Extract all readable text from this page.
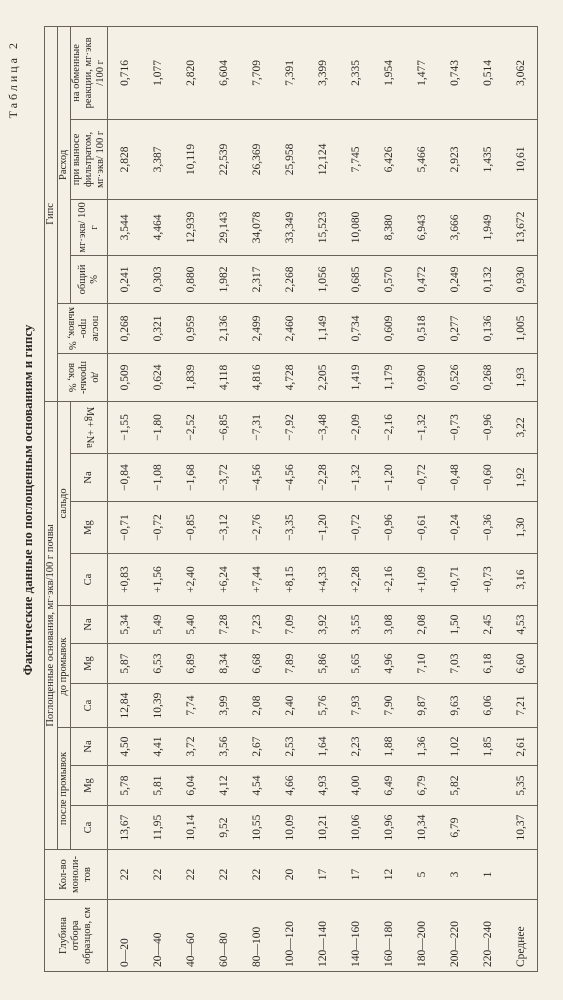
Таблица 2
Фактические данные по поглощенным основаниям и гипсу
Глубина отбора образцов, см	Кол-во моноли- тов	Поглощенные основания, мг·экв/100 г почвы										Гипс					
		после промывок			до промывок			сальдо				до промы- вок, %	после про- мывок, %	Расход			
		Ca	Mg	Na	Ca	Mg	Na	Ca	Mg	Na	Mg+ +Na			общий
%	мг·экв/ 100 г	при выносе фильтратом, мг·экв/ 100 г	на обменные реакции, мг·экв /100 г
0—20	22	13,67	5,78	4,50	12,84	5,87	5,34	+0,83	−0,71	−0,84	−1,55	0,509	0,268	0,241	3,544	2,828	0,716
20—40	22	11,95	5,81	4,41	10,39	6,53	5,49	+1,56	−0,72	−1,08	−1,80	0,624	0,321	0,303	4,464	3,387	1,077
40—60	22	10,14	6,04	3,72	7,74	6,89	5,40	+2,40	−0,85	−1,68	−2,52	1,839	0,959	0,880	12,939	10,119	2,820
60—80	22	9,52	4,12	3,56	3,99	8,34	7,28	+6,24	−3,12	−3,72	−6,85	4,118	2,136	1,982	29,143	22,539	6,604
80—100	22	10,55	4,54	2,67	2,08	6,68	7,23	+7,44	−2,76	−4,56	−7,31	4,816	2,499	2,317	34,078	26,369	7,709
100—120	20	10,09	4,66	2,53	2,40	7,89	7,09	+8,15	−3,35	−4,56	−7,92	4,728	2,460	2,268	33,349	25,958	7,391
120—140	17	10,21	4,93	1,64	5,76	5,86	3,92	+4,33	−1,20	−2,28	−3,48	2,205	1,149	1,056	15,523	12,124	3,399
140—160	17	10,06	4,00	2,23	7,93	5,65	3,55	+2,28	−0,72	−1,32	−2,09	1,419	0,734	0,685	10,080	7,745	2,335
160—180	12	10,96	6,49	1,88	7,90	4,96	3,08	+2,16	−0,96	−1,20	−2,16	1,179	0,609	0,570	8,380	6,426	1,954
180—200	5	10,34	6,79	1,36	9,87	7,10	2,08	+1,09	−0,61	−0,72	−1,32	0,990	0,518	0,472	6,943	5,466	1,477
200—220	3	6,79	5,82	1,02	9,63	7,03	1,50	+0,71	−0,24	−0,48	−0,73	0,526	0,277	0,249	3,666	2,923	0,743
220—240	1			1,85	6,06	6,18	2,45	+0,73	−0,36	−0,60	−0,96	0,268	0,136	0,132	1,949	1,435	0,514
Среднее		10,37	5,35	2,61	7,21	6,60	4,53	3,16	1,30	1,92	3,22	1,93	1,005	0,930	13,672	10,61	3,062
